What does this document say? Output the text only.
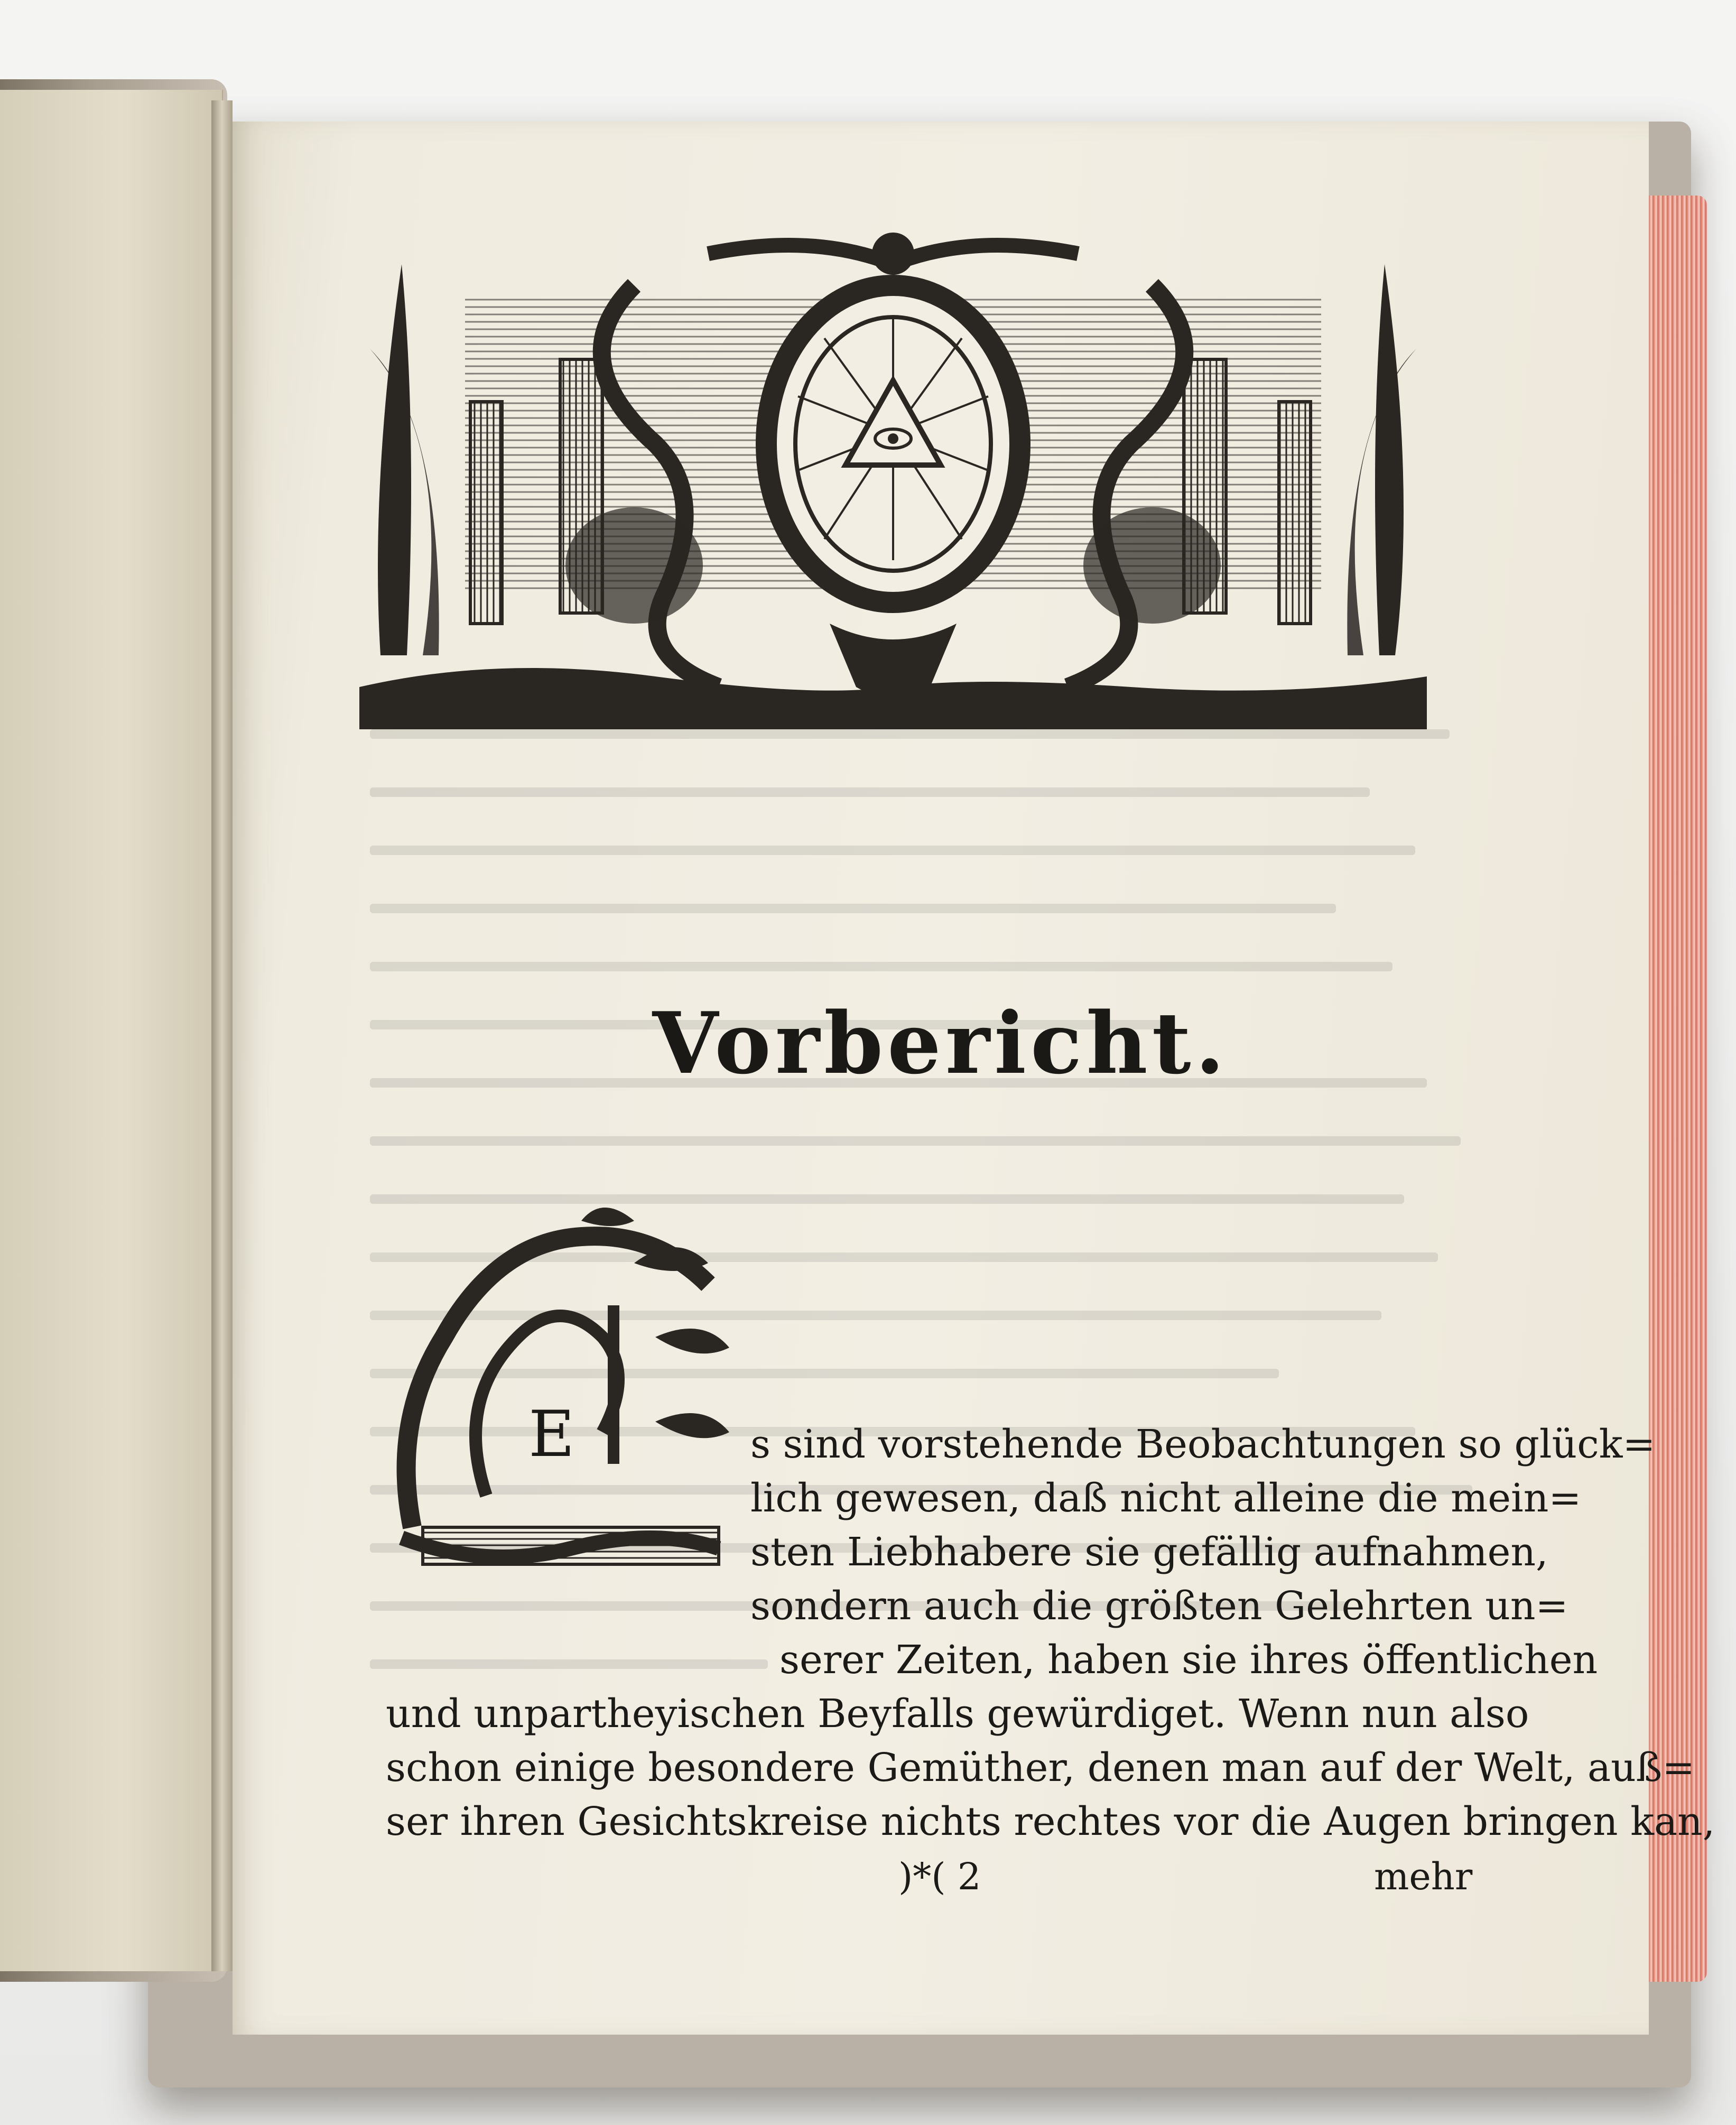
Vorbericht.
E	s sind vorstehende Beobachtungen so glück=
lich gewesen, daß nicht alleine die mein=
sten Liebhabere sie gefällig aufnahmen,
sondern auch die größten Gelehrten un=
serer Zeiten, haben sie ihres öffentlichen
und unpartheyischen Beyfalls gewürdiget. Wenn nun also
schon einige besondere Gemüther, denen man auf der Welt, auß=
ser ihren Gesichtskreise nichts rechtes vor die Augen bringen kan,
)*( 2	mehr
